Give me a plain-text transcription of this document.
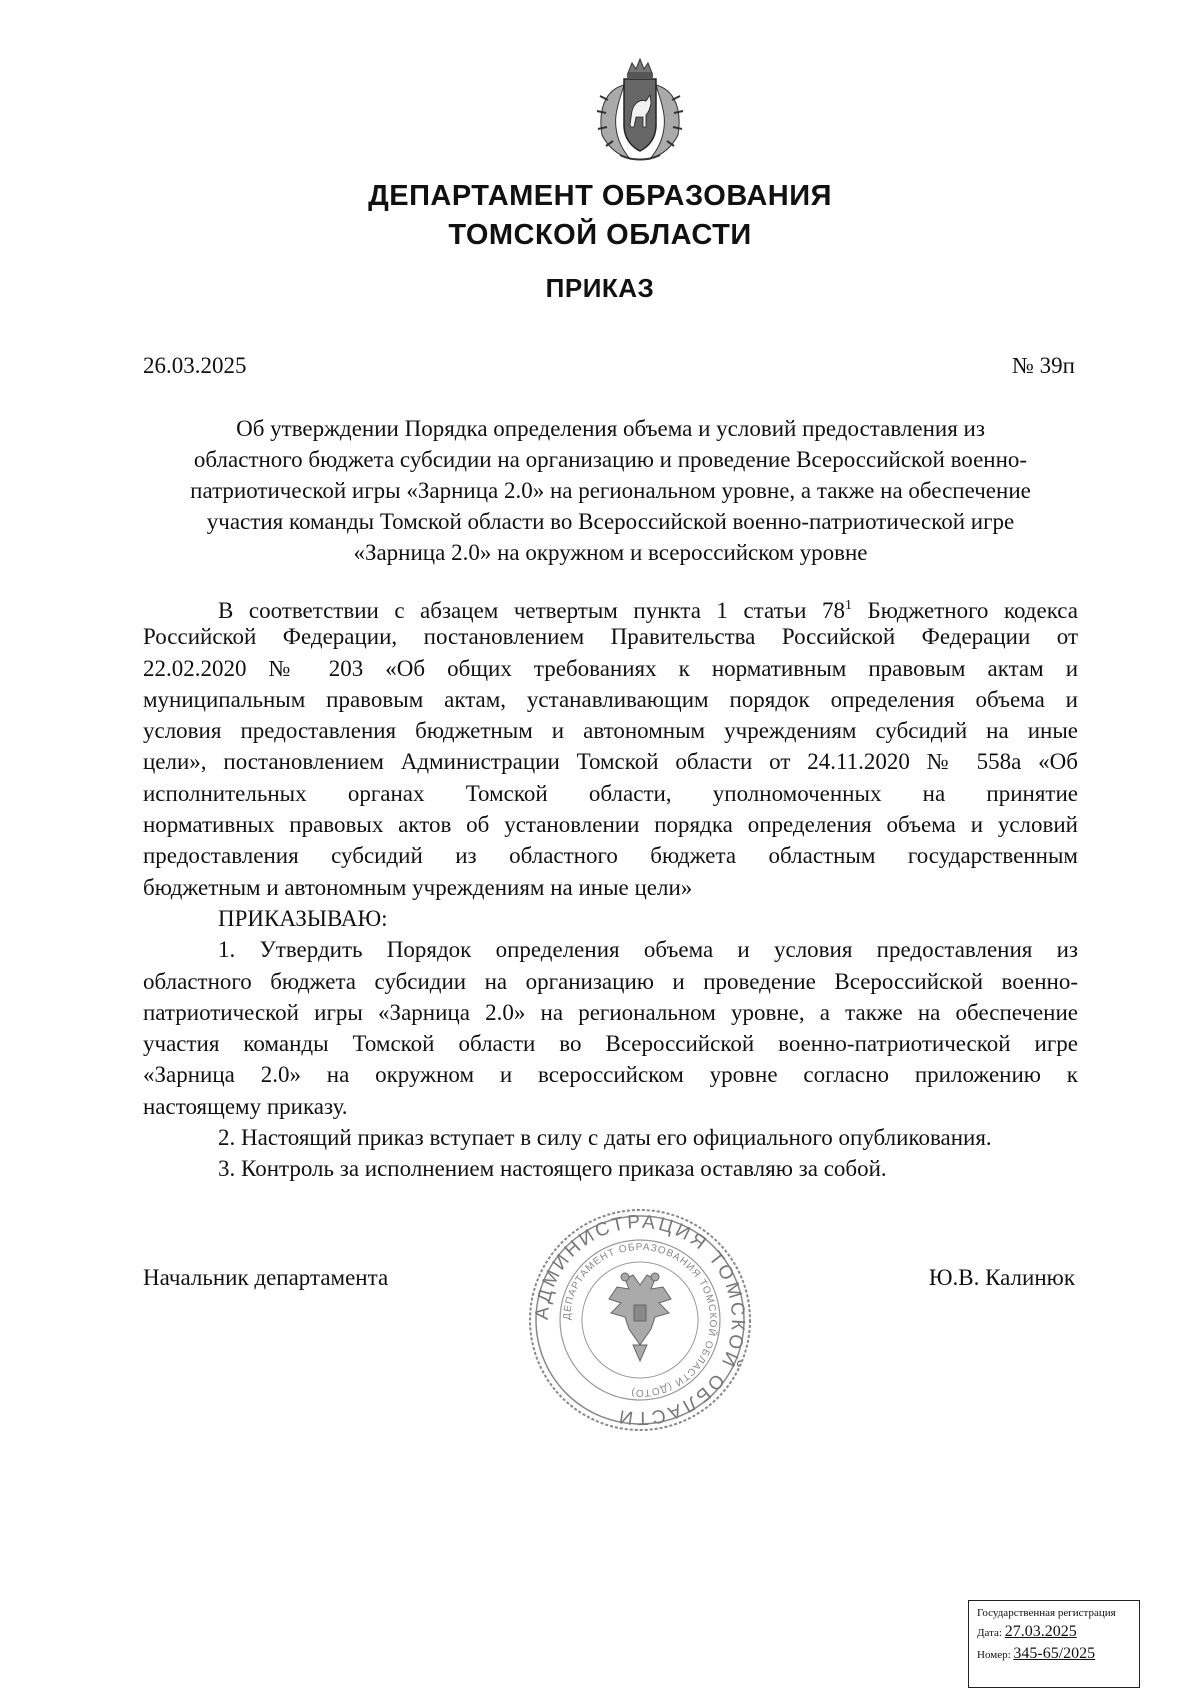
ДЕПАРТАМЕНТ ОБРАЗОВАНИЯ
ТОМСКОЙ ОБЛАСТИ
ПРИКАЗ
26.03.2025	№ 39п
Об утверждении Порядка определения объема и условий предоставления из
областного бюджета субсидии на организацию и проведение Всероссийской военно-
патриотической игры «Зарница 2.0» на региональном уровне, а также на обеспечение
участия команды Томской области во Всероссийской военно-патриотической игре
«Зарница 2.0» на окружном и всероссийском уровне
В соответствии с абзацем четвертым пункта 1 статьи $78^1$ Бюджетного кодекса
Российской Федерации, постановлением Правительства Российской Федерации от
22.02.2020 № 203 «Об общих требованиях к нормативным правовым актам и
муниципальным правовым актам, устанавливающим порядок определения объема и
условия предоставления бюджетным и автономным учреждениям субсидий на иные
цели», постановлением Администрации Томской области от 24.11.2020 № 558а «Об
исполнительных органах Томской области, уполномоченных на принятие
нормативных правовых актов об установлении порядка определения объема и условий
предоставления субсидий из областного бюджета областным государственным
бюджетным и автономным учреждениям на иные цели»
ПРИКАЗЫВАЮ:
1. Утвердить Порядок определения объема и условия предоставления из
областного бюджета субсидии на организацию и проведение Всероссийской военно-
патриотической игры «Зарница 2.0» на региональном уровне, а также на обеспечение
участия команды Томской области во Всероссийской военно-патриотической игре
«Зарница 2.0» на окружном и всероссийском уровне согласно приложению к
настоящему приказу.
2. Настоящий приказ вступает в силу с даты его официального опубликования.
3. Контроль за исполнением настоящего приказа оставляю за собой.
Начальник департамента	Ю.В. Калинюк
АДМИНИСТРАЦИЯ ТОМСКОЙ ОБЛАСТИ
ДЕПАРТАМЕНТ ОБРАЗОВАНИЯ ТОМСКОЙ ОБЛАСТИ (ДОТО)
Государственная регистрация
Дата: 27.03.2025
Номер: 345-65/2025
